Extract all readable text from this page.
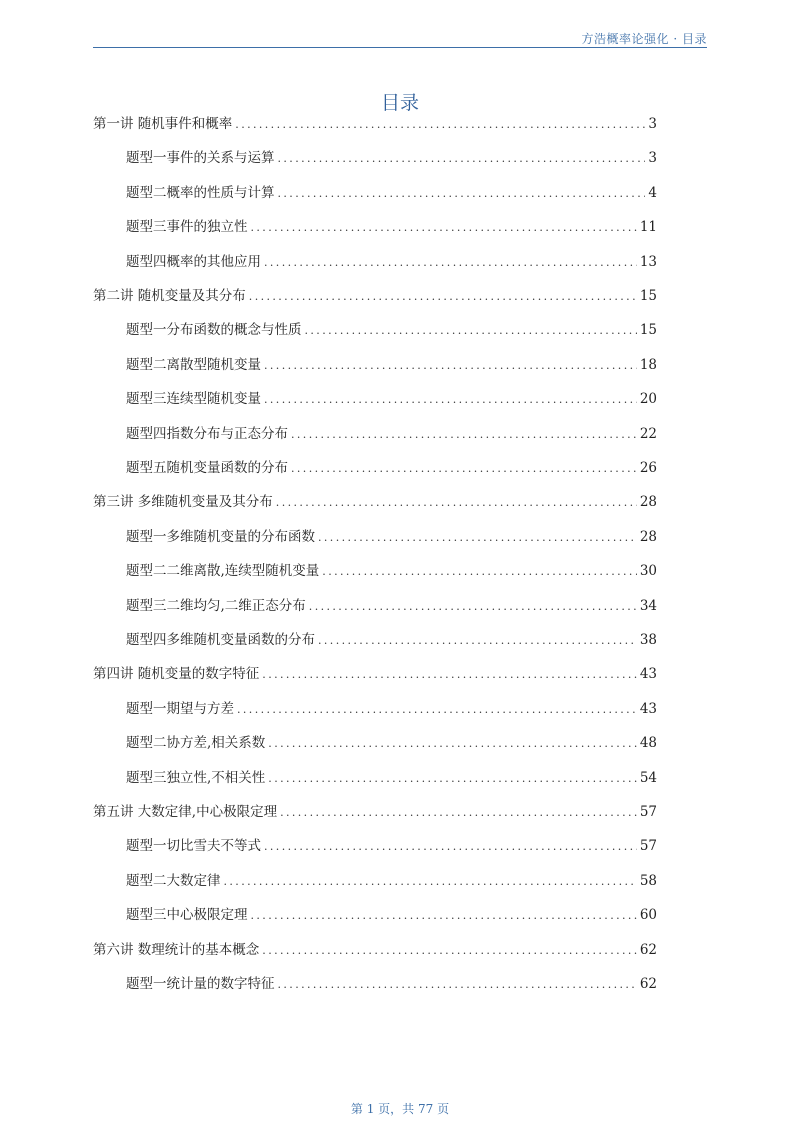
方浩概率论强化 · 目录
目录
第一讲 随机事件和概率 .....	3
题型一事件的关系与运算 .....	3
题型二概率的性质与计算 .....	4
题型三事件的独立性 .....	11
题型四概率的其他应用 .....	13
第二讲 随机变量及其分布 .....	15
题型一分布函数的概念与性质 .....	15
题型二离散型随机变量 .....	18
题型三连续型随机变量 .....	20
题型四指数分布与正态分布 .....	22
题型五随机变量函数的分布 .....	26
第三讲 多维随机变量及其分布 .....	28
题型一多维随机变量的分布函数 .....	28
题型二二维离散,连续型随机变量 .....	30
题型三二维均匀,二维正态分布 .....	34
题型四多维随机变量函数的分布 .....	38
第四讲 随机变量的数字特征 .....	43
题型一期望与方差 .....	43
题型二协方差,相关系数 .....	48
题型三独立性,不相关性 .....	54
第五讲 大数定律,中心极限定理 .....	57
题型一切比雪夫不等式 .....	57
题型二大数定律 .....	58
题型三中心极限定理 .....	60
第六讲 数理统计的基本概念 .....	62
题型一统计量的数字特征 .....	62
第 1 页，共 77 页
